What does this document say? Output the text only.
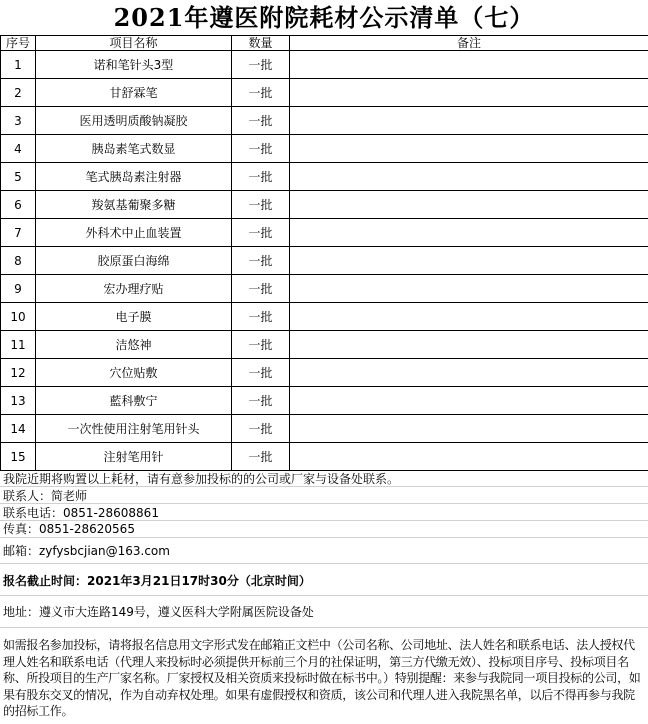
2021年遵医附院耗材公示清单（七）
序号	项目名称	数量	备注
1	诺和笔针头3型	一批	
2	甘舒霖笔	一批	
3	医用透明质酸钠凝胶	一批	
4	胰岛素笔式数显	一批	
5	笔式胰岛素注射器	一批	
6	羧氨基葡聚多糖	一批	
7	外科术中止血装置	一批	
8	胶原蛋白海绵	一批	
9	宏办理疗贴	一批	
10	电子膜	一批	
11	洁悠神	一批	
12	穴位贴敷	一批	
13	藍科敷宁	一批	
14	一次性使用注射笔用针头	一批	
15	注射笔用针	一批	
我院近期将购置以上耗材，请有意参加投标的的公司或厂家与设备处联系。
联系人：简老师
联系电话：0851-28608861
传真：0851-28620565
邮箱：zyfysbcjian@163.com
报名截止时间：2021年3月21日17时30分（北京时间）
地址：遵义市大连路149号，遵义医科大学附属医院设备处
如需报名参加投标，请将报名信息用文字形式发在邮箱正文栏中（公司名称、公司地址、法人姓名和联系电话、法人授权代理人姓名和联系电话（代理人来投标时必须提供开标前三个月的社保证明，第三方代缴无效）、投标项目序号、投标项目名称、所投项目的生产厂家名称。厂家授权及相关资质来投标时做在标书中。）特别提醒：来参与我院同一项目投标的公司，如果有股东交叉的情况，作为自动弃权处理。如果有虚假授权和资质，该公司和代理人进入我院黑名单，以后不得再参与我院的招标工作。
